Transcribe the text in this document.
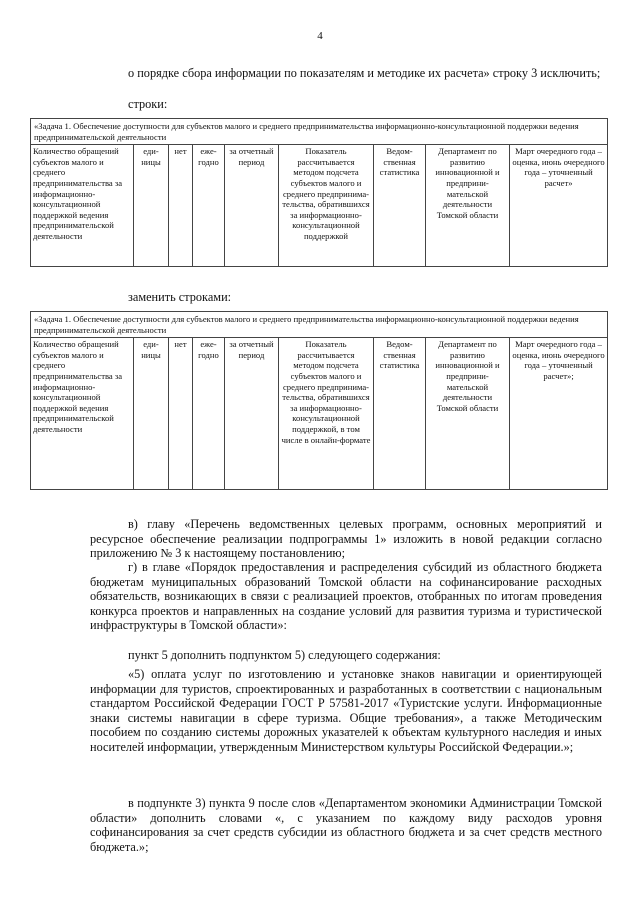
4

о порядке сбора информации по показателям и методике их расчета» строку 3 исключить;

строки:

«Задача 1. Обеспечение доступности для субъектов малого и среднего предпринимательства информационно-консультационной поддержки ведения предпринимательской деятельности
Количество обращений субъектов малого и среднего предпринимательства за информационно-консультационной поддержкой ведения предпринимательской деятельности	еди-ницы	нет	еже-годно	за отчетный период	Показатель рассчитывается методом подсчета субъектов малого и среднего предпринима-тельства, обратившихся за информационно-консультационной поддержкой	Ведом-ственная статистика	Департамент по развитию инновационной и предприни-мательской деятельности Томской области	Март очередного года – оценка, июнь очередного года – уточненный расчет»

заменить строками:

«Задача 1. Обеспечение доступности для субъектов малого и среднего предпринимательства информационно-консультационной поддержки ведения предпринимательской деятельности
Количество обращений субъектов малого и среднего предпринимательства за информационно-консультационной поддержкой ведения предпринимательской деятельности	еди-ницы	нет	еже-годно	за отчетный период	Показатель рассчитывается методом подсчета субъектов малого и среднего предпринима-тельства, обратившихся за информационно-консультационной поддержкой, в том числе в онлайн-формате	Ведом-ственная статистика	Департамент по развитию инновационной и предприни-мательской деятельности Томской области	Март очередного года – оценка, июнь очередного года – уточненный расчет»;

в) главу «Перечень ведомственных целевых программ, основных мероприятий и ресурсное обеспечение реализации подпрограммы 1» изложить в новой редакции согласно приложению № 3 к настоящему постановлению;

г) в главе «Порядок предоставления и распределения субсидий из областного бюджета бюджетам муниципальных образований Томской области на софинансирование расходных обязательств, возникающих в связи с реализацией проектов, отобранных по итогам проведения конкурса проектов и направленных на создание условий для развития туризма и туристической инфраструктуры в Томской области»:

пункт 5 дополнить подпунктом 5) следующего содержания:

«5) оплата услуг по изготовлению и установке знаков навигации и ориентирующей информации для туристов, спроектированных и разработанных в соответствии с национальным стандартом Российской Федерации ГОСТ Р 57581-2017 «Туристские услуги. Информационные знаки системы навигации в сфере туризма. Общие требования», а также Методическим пособием по созданию системы дорожных указателей к объектам культурного наследия и иных носителей информации, утвержденным Министерством культуры Российской Федерации.»;

в подпункте 3) пункта 9 после слов «Департаментом экономики Администрации Томской области» дополнить словами «, с указанием по каждому виду расходов уровня софинансирования за счет средств субсидии из областного бюджета и за счет средств местного бюджета.»;
